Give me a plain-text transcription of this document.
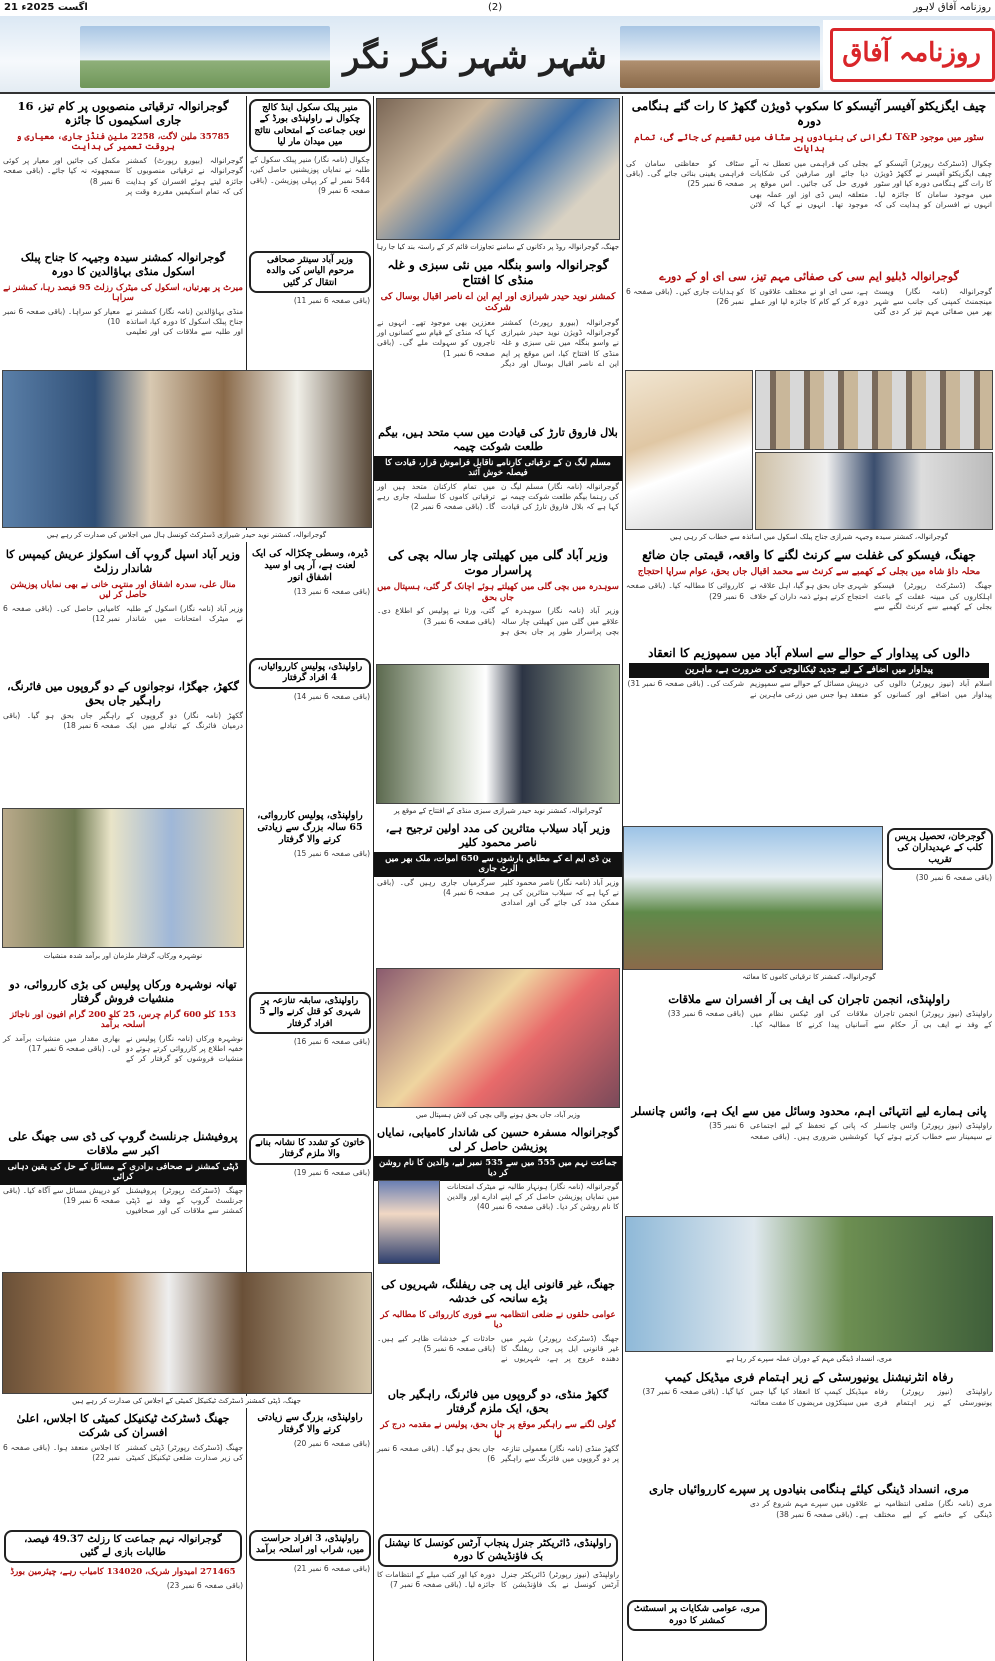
21 اگست 2025ء	(2)	روزنامہ آفاق لاہور
شہر شہر نگر نگر	روزنامہ آفاق
چیف ایگزیکٹو آفیسر آئیسکو کا سکوپ ڈویژن گکھڑ کا رات گئے ہنگامی دورہ
سٹور میں موجود T&P نگرانی کی بنیادوں پر سٹاف میں تقسیم کی جائے گی، تمام ہدایات
چکوال (ڈسٹرکٹ رپورٹر) آئیسکو کے چیف ایگزیکٹو آفیسر نے گکھڑ ڈویژن کا رات گئے ہنگامی دورہ کیا اور سٹور میں موجود سامان کا جائزہ لیا۔ انہوں نے افسران کو ہدایت کی کہ بجلی کی فراہمی میں تعطل نہ آنے دیا جائے اور صارفین کی شکایات فوری حل کی جائیں۔ اس موقع پر متعلقہ ایس ڈی اوز اور عملہ بھی موجود تھا۔ انہوں نے کہا کہ لائن سٹاف کو حفاظتی سامان کی فراہمی یقینی بنائی جائے گی۔ (باقی صفحہ 6 نمبر 25)
گوجرانوالہ ڈبلیو ایم سی کی صفائی مہم تیز، سی ای او کے دورے
گوجرانوالہ (نامہ نگار) ویسٹ مینجمنٹ کمپنی کی جانب سے شہر بھر میں صفائی مہم تیز کر دی گئی ہے، سی ای او نے مختلف علاقوں کا دورہ کر کے کام کا جائزہ لیا اور عملے کو ہدایات جاری کیں۔ (باقی صفحہ 6 نمبر 26)
گوجرانوالہ، کمشنر سیدہ وجیہہ شیرازی جناح پبلک اسکول میں اساتذہ سے خطاب کر رہی ہیں
جھنگ، فیسکو کی غفلت سے کرنٹ لگنے کا واقعہ، قیمتی جان ضائع
محلہ داؤ شاہ میں بجلی کے کھمبے سے کرنٹ سے محمد اقبال جاں بحق، عوام سراپا احتجاج
جھنگ (ڈسٹرکٹ رپورٹر) فیسکو اہلکاروں کی مبینہ غفلت کے باعث بجلی کے کھمبے سے کرنٹ لگنے سے شہری جاں بحق ہو گیا، اہل علاقہ نے احتجاج کرتے ہوئے ذمہ داران کے خلاف کارروائی کا مطالبہ کیا۔ (باقی صفحہ 6 نمبر 29)
دالوں کی پیداوار کے حوالے سے اسلام آباد میں سمپوزیم کا انعقاد
پیداوار میں اضافے کے لیے جدید ٹیکنالوجی کی ضرورت ہے، ماہرین
اسلام آباد (نیوز رپورٹر) دالوں کی پیداوار میں اضافے اور کسانوں کو درپیش مسائل کے حوالے سے سمپوزیم منعقد ہوا جس میں زرعی ماہرین نے شرکت کی۔ (باقی صفحہ 6 نمبر 31)
گوجرخان، تحصیل پریس کلب کے عہدیداران کی تقریب
(باقی صفحہ 6 نمبر 30)
گوجرانوالہ، کمشنر کا ترقیاتی کاموں کا معائنہ
راولپنڈی، انجمن تاجران کی ایف بی آر افسران سے ملاقات
راولپنڈی (نیوز رپورٹر) انجمن تاجران کے وفد نے ایف بی آر حکام سے ملاقات کی اور ٹیکس نظام میں آسانیاں پیدا کرنے کا مطالبہ کیا۔ (باقی صفحہ 6 نمبر 33)
پانی ہمارے لیے انتہائی اہم، محدود وسائل میں سے ایک ہے، وائس چانسلر
راولپنڈی (نیوز رپورٹر) وائس چانسلر نے سیمینار سے خطاب کرتے ہوئے کہا کہ پانی کے تحفظ کے لیے اجتماعی کوششیں ضروری ہیں۔ (باقی صفحہ 6 نمبر 35)
مری، انسداد ڈینگی مہم کے دوران عملہ سپرے کر رہا ہے
رفاہ انٹرنیشنل یونیورسٹی کے زیر اہتمام فری میڈیکل کیمپ
راولپنڈی (نیوز رپورٹر) رفاہ یونیورسٹی کے زیر اہتمام فری میڈیکل کیمپ کا انعقاد کیا گیا جس میں سینکڑوں مریضوں کا مفت معائنہ کیا گیا۔ (باقی صفحہ 6 نمبر 37)
مری، انسداد ڈینگی کیلئے ہنگامی بنیادوں پر سپرے کارروائیاں جاری
مری (نامہ نگار) ضلعی انتظامیہ نے ڈینگی کے خاتمے کے لیے مختلف علاقوں میں سپرے مہم شروع کر دی ہے۔ (باقی صفحہ 6 نمبر 38)
مری، عوامی شکایات پر اسسٹنٹ کمشنر کا دورہ
جھنگ، گوجرانوالہ روڈ پر دکانوں کے سامنے تجاوزات قائم کر کے راستہ بند کیا جا رہا
گوجرانوالہ واسو بنگلہ میں نئی سبزی و غلہ منڈی کا افتتاح
کمشنر نوید حیدر شیرازی اور ایم این اے ناصر اقبال بوسال کی شرکت
گوجرانوالہ (بیورو رپورٹ) کمشنر گوجرانوالہ ڈویژن نوید حیدر شیرازی نے واسو بنگلہ میں نئی سبزی و غلہ منڈی کا افتتاح کیا، اس موقع پر ایم این اے ناصر اقبال بوسال اور دیگر معززین بھی موجود تھے۔ انہوں نے کہا کہ منڈی کے قیام سے کسانوں اور تاجروں کو سہولت ملے گی۔ (باقی صفحہ 6 نمبر 1)
بلال فاروق تارڑ کی قیادت میں سب متحد ہیں، بیگم طلعت شوکت چیمہ
مسلم لیگ ن کے ترقیاتی کارنامے ناقابل فراموش قرار، قیادت کا فیصلہ خوش آئند
گوجرانوالہ (نامہ نگار) مسلم لیگ ن کی رہنما بیگم طلعت شوکت چیمہ نے کہا ہے کہ بلال فاروق تارڑ کی قیادت میں تمام کارکنان متحد ہیں اور ترقیاتی کاموں کا سلسلہ جاری رہے گا۔ (باقی صفحہ 6 نمبر 2)
وزیر آباد گلی میں کھیلتی چار سالہ بچی کی پراسرار موت
سوہدرہ میں بچی گلی میں کھیلتے ہوئے اچانک گر گئی، ہسپتال میں جاں بحق
وزیر آباد (نامہ نگار) سوہدرہ کے علاقے میں گلی میں کھیلتی چار سالہ بچی پراسرار طور پر جاں بحق ہو گئی، ورثا نے پولیس کو اطلاع دی۔ (باقی صفحہ 6 نمبر 3)
گوجرانوالہ، کمشنر نوید حیدر شیرازی سبزی منڈی کے افتتاح کے موقع پر
وزیر آباد سیلاب متاثرین کی مدد اولین ترجیح ہے، ناصر محمود کلیر
ین ڈی ایم اے کے مطابق بارشوں سے 650 اموات، ملک بھر میں الرٹ جاری
وزیر آباد (نامہ نگار) ناصر محمود کلیر نے کہا ہے کہ سیلاب متاثرین کی ہر ممکن مدد کی جائے گی اور امدادی سرگرمیاں جاری رہیں گی۔ (باقی صفحہ 6 نمبر 4)
وزیر آباد، جاں بحق ہونے والی بچی کی لاش ہسپتال میں
گوجرانوالہ مسفرہ حسین کی شاندار کامیابی، نمایاں پوزیشن حاصل کر لی
جماعت نہم میں 555 میں سے 535 نمبر لیے، والدین کا نام روشن کر دیا
گوجرانوالہ (نامہ نگار) ہونہار طالبہ نے میٹرک امتحانات میں نمایاں پوزیشن حاصل کر کے اپنے ادارے اور والدین کا نام روشن کر دیا۔ (باقی صفحہ 6 نمبر 40)
جھنگ، غیر قانونی ایل پی جی ریفلنگ، شہریوں کی بڑے سانحہ کی خدشہ
عوامی حلقوں نے ضلعی انتظامیہ سے فوری کارروائی کا مطالبہ کر دیا
جھنگ (ڈسٹرکٹ رپورٹر) شہر میں غیر قانونی ایل پی جی ریفلنگ کا دھندہ عروج پر ہے، شہریوں نے حادثات کے خدشات ظاہر کیے ہیں۔ (باقی صفحہ 6 نمبر 5)
گکھڑ منڈی، دو گروپوں میں فائرنگ، راہگیر جاں بحق، ایک ملزم گرفتار
گولی لگنے سے راہگیر موقع پر جاں بحق، پولیس نے مقدمہ درج کر لیا
گکھڑ منڈی (نامہ نگار) معمولی تنازعہ پر دو گروپوں میں فائرنگ سے راہگیر جاں بحق ہو گیا۔ (باقی صفحہ 6 نمبر 6)
راولپنڈی، ڈائریکٹر جنرل پنجاب آرٹس کونسل کا نیشنل بک فاؤنڈیشن کا دورہ
راولپنڈی (نیوز رپورٹر) ڈائریکٹر جنرل آرٹس کونسل نے بک فاؤنڈیشن کا دورہ کیا اور کتب میلے کے انتظامات کا جائزہ لیا۔ (باقی صفحہ 6 نمبر 7)
منیر پبلک سکول اینڈ کالج چکوال نے راولپنڈی بورڈ کے نویں جماعت کے امتحانی نتائج میں میدان مار لیا
چکوال (نامہ نگار) منیر پبلک سکول کے طلبہ نے نمایاں پوزیشنیں حاصل کیں، 544 نمبر لے کر پہلی پوزیشن۔ (باقی صفحہ 6 نمبر 9)
وزیر آباد سینئر صحافی مرحوم الیاس کی والدہ انتقال کر گئیں
(باقی صفحہ 6 نمبر 11)
گوجرانوالہ، کمشنر نوید حیدر شیرازی ڈسٹرکٹ کونسل ہال میں اجلاس کی صدارت کر رہے ہیں
ڈیرہ، وسطی چکڑالہ کی ایک لعنت ہے، آر پی او سید اشفاق انور
(باقی صفحہ 6 نمبر 13)
راولپنڈی، پولیس کارروائیاں، 4 افراد گرفتار
(باقی صفحہ 6 نمبر 14)
راولپنڈی، پولیس کارروائی، 65 سالہ بزرگ سے زیادتی کرنے والا گرفتار
(باقی صفحہ 6 نمبر 15)
راولپنڈی، سابقہ تنازعہ پر شہری کو قتل کرنے والے 5 افراد گرفتار
(باقی صفحہ 6 نمبر 16)
خاتون کو تشدد کا نشانہ بنانے والا ملزم گرفتار
(باقی صفحہ 6 نمبر 19)
جھنگ، ڈپٹی کمشنر ڈسٹرکٹ ٹیکنیکل کمیٹی کے اجلاس کی صدارت کر رہے ہیں
راولپنڈی، بزرگ سے زیادتی کرنے والا گرفتار
(باقی صفحہ 6 نمبر 20)
راولپنڈی، 3 افراد حراست میں، شراب اور اسلحہ برآمد
(باقی صفحہ 6 نمبر 21)
گوجرانوالہ ترقیاتی منصوبوں پر کام تیز، 16 جاری اسکیموں کا جائزہ
35785 ملین لاگت، 2258 ملین فنڈز جاری، معیاری و بروقت تعمیر کی ہدایت
گوجرانوالہ (بیورو رپورٹ) کمشنر گوجرانوالہ نے ترقیاتی منصوبوں کا جائزہ لیتے ہوئے افسران کو ہدایت کی کہ تمام اسکیمیں مقررہ وقت پر مکمل کی جائیں اور معیار پر کوئی سمجھوتہ نہ کیا جائے۔ (باقی صفحہ 6 نمبر 8)
گوجرانوالہ کمشنر سیدہ وجیہہ کا جناح پبلک اسکول منڈی بہاؤالدین کا دورہ
میرٹ پر بھرتیاں، اسکول کی میٹرک رزلٹ 95 فیصد رہا، کمشنر نے سراہا
منڈی بہاؤالدین (نامہ نگار) کمشنر نے جناح پبلک اسکول کا دورہ کیا، اساتذہ اور طلبہ سے ملاقات کی اور تعلیمی معیار کو سراہا۔ (باقی صفحہ 6 نمبر 10)
وزیر آباد اسپل گروپ آف اسکولز عریش کیمپس کا شاندار رزلٹ
منال علی، سدرہ اشفاق اور منتہی خانی نے بھی نمایاں پوزیشن حاصل کر لیں
وزیر آباد (نامہ نگار) اسکول کے طلبہ نے میٹرک امتحانات میں شاندار کامیابی حاصل کی۔ (باقی صفحہ 6 نمبر 12)
گکھڑ، جھگڑا، نوجوانوں کے دو گروپوں میں فائرنگ، راہگیر جاں بحق
گکھڑ (نامہ نگار) دو گروپوں کے درمیان فائرنگ کے تبادلے میں ایک راہگیر جاں بحق ہو گیا۔ (باقی صفحہ 6 نمبر 18)
نوشہرہ ورکاں، گرفتار ملزمان اور برآمد شدہ منشیات
تھانہ نوشہرہ ورکاں پولیس کی بڑی کارروائی، دو منشیات فروش گرفتار
153 کلو 600 گرام چرس، 25 کلو 200 گرام افیون اور ناجائز اسلحہ برآمد
نوشہرہ ورکاں (نامہ نگار) پولیس نے خفیہ اطلاع پر کارروائی کرتے ہوئے دو منشیات فروشوں کو گرفتار کر کے بھاری مقدار میں منشیات برآمد کر لی۔ (باقی صفحہ 6 نمبر 17)
پروفیشنل جرنلسٹ گروپ کی ڈی سی جھنگ علی اکبر سے ملاقات
ڈپٹی کمشنر نے صحافی برادری کے مسائل کے حل کی یقین دہانی کرائی
جھنگ (ڈسٹرکٹ رپورٹر) پروفیشنل جرنلسٹ گروپ کے وفد نے ڈپٹی کمشنر سے ملاقات کی اور صحافیوں کو درپیش مسائل سے آگاہ کیا۔ (باقی صفحہ 6 نمبر 19)
جھنگ ڈسٹرکٹ ٹیکنیکل کمیٹی کا اجلاس، اعلیٰ افسران کی شرکت
جھنگ (ڈسٹرکٹ رپورٹر) ڈپٹی کمشنر کی زیر صدارت ضلعی ٹیکنیکل کمیٹی کا اجلاس منعقد ہوا۔ (باقی صفحہ 6 نمبر 22)
گوجرانوالہ نہم جماعت کا رزلٹ 49.37 فیصد، طالبات بازی لے گئیں
271465 امیدوار شریک، 134020 کامیاب رہے، چیئرمین بورڈ
(باقی صفحہ 6 نمبر 23)
